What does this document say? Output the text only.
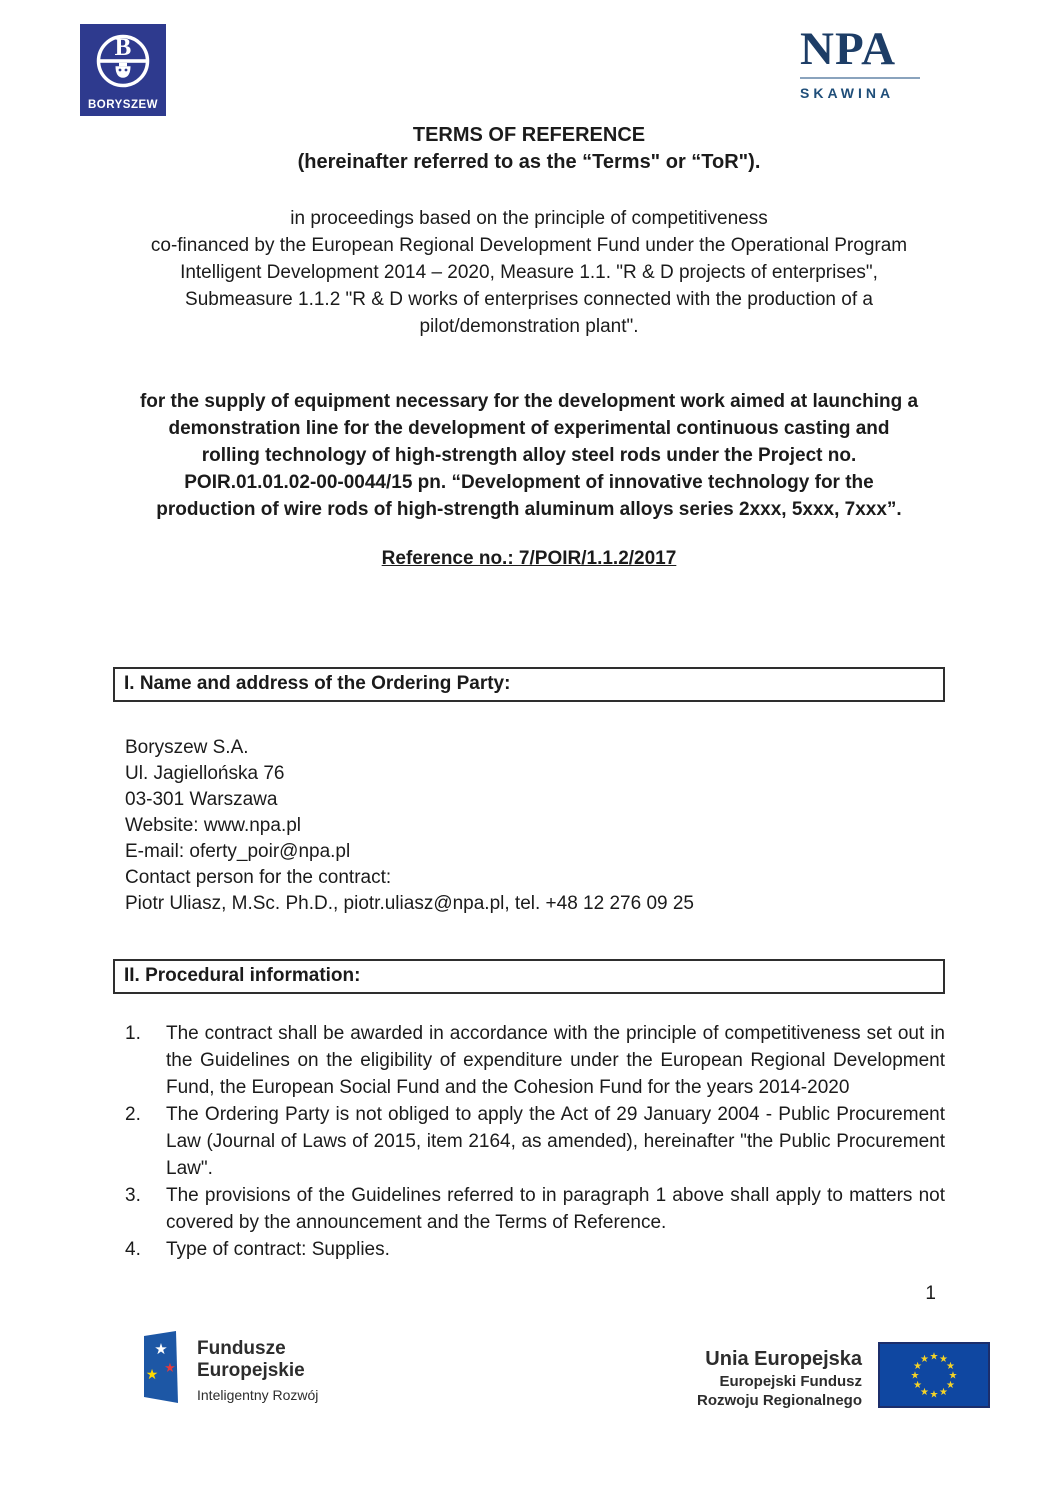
B
BORYSZEW
NPA
SKAWINA
TERMS OF REFERENCE
(hereinafter referred to as the “Terms" or “ToR").
in proceedings based on the principle of competitiveness
co-financed by the European Regional Development Fund under the Operational Program
Intelligent Development 2014 – 2020, Measure 1.1. "R & D projects of enterprises",
Submeasure 1.1.2 "R & D works of enterprises connected with the production of a
pilot/demonstration plant".
for the supply of equipment necessary for the development work aimed at launching a
demonstration line for the development of experimental continuous casting and
rolling technology of high-strength alloy steel rods under the Project no.
POIR.01.01.02-00-0044/15 pn. “Development of innovative technology for the
production of wire rods of high-strength aluminum alloys series 2xxx, 5xxx, 7xxx”.
Reference no.: 7/POIR/1.1.2/2017
I. Name and address of the Ordering Party:
Boryszew S.A.
Ul. Jagiellońska 76
03-301 Warszawa
Website: www.npa.pl
E-mail: oferty_poir@npa.pl
Contact person for the contract:
Piotr Uliasz, M.Sc. Ph.D., piotr.uliasz@npa.pl, tel. +48 12 276 09 25
II. Procedural information:
1.	The contract shall be awarded in accordance with the principle of competitiveness set out in the Guidelines on the eligibility of expenditure under the European Regional Development Fund, the European Social Fund and the Cohesion Fund for the years 2014-2020
2.	The Ordering Party is not obliged to apply the Act of 29 January 2004 - Public Procurement Law (Journal of Laws of 2015, item 2164, as amended), hereinafter "the Public Procurement Law".
3.	The provisions of the Guidelines referred to in paragraph 1 above shall apply to matters not covered by the announcement and the Terms of Reference.
4.	Type of contract: Supplies.
1
★
★
★
Fundusze
Europejskie
Inteligentny Rozwój
Unia Europejska
Europejski Fundusz
Rozwoju Regionalnego
★
★
★
★
★
★
★
★
★ ★ ★
★
